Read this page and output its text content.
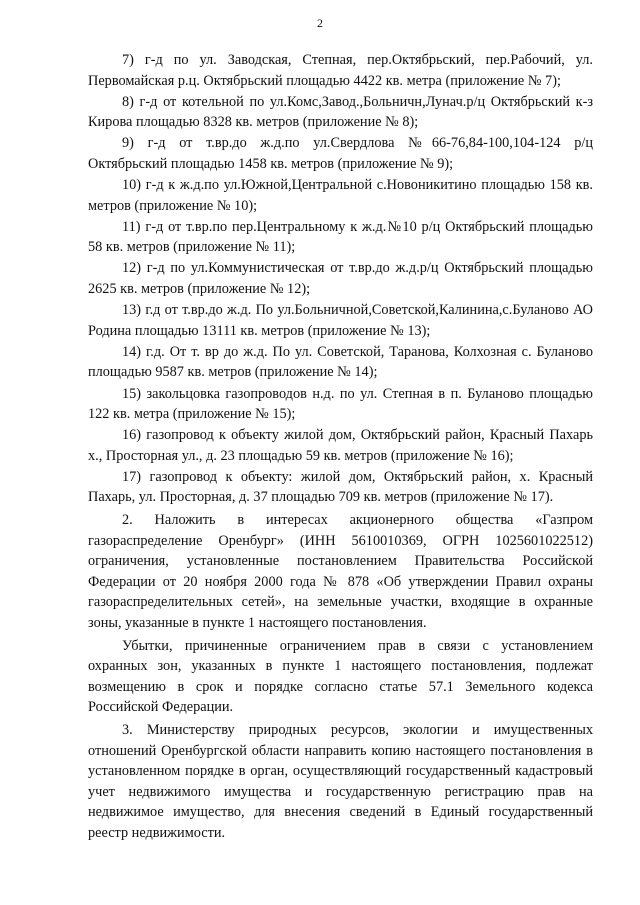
2

7) г-д по ул. Заводская, Степная, пер.Октябрьский, пер.Рабочий, ул. Первомайская р.ц. Октябрьский площадью 4422 кв. метра (приложение № 7);

8) г-д от котельной по ул.Комс,Завод.,Больничн,Лунач.р/ц Октябрьский к-з Кирова площадью 8328 кв. метров (приложение № 8);

9) г-д от т.вр.до ж.д.по ул.Свердлова №66-76,84-100,104-124 р/ц Октябрьский площадью 1458 кв. метров (приложение № 9);

10) г-д к ж.д.по ул.Южной,Центральной с.Новоникитино площадью 158 кв. метров (приложение № 10);

11) г-д от т.вр.по пер.Центральному к ж.д.№10 р/ц Октябрьский площадью 58 кв. метров (приложение № 11);

12) г-д по ул.Коммунистическая от т.вр.до ж.д.р/ц Октябрьский площадью 2625 кв. метров (приложение № 12);

13) г.д от т.вр.до ж.д. По ул.Больничной,Советской,Калинина,с.Буланово АО Родина площадью 13111 кв. метров (приложение № 13);

14) г.д. От т. вр до ж.д. По ул. Советской, Таранова, Колхозная с. Буланово площадью 9587 кв. метров (приложение № 14);

15) закольцовка газопроводов н.д. по ул. Степная в п. Буланово площадью 122 кв. метра (приложение № 15);

16) газопровод к объекту жилой дом, Октябрьский район, Красный Пахарь х., Просторная ул., д. 23 площадью 59 кв. метров (приложение № 16);

17) газопровод к объекту: жилой дом, Октябрьский район, х. Красный Пахарь, ул. Просторная, д. 37 площадью 709 кв. метров (приложение № 17).

2. Наложить в интересах акционерного общества «Газпром газораспределение Оренбург» (ИНН 5610010369, ОГРН 1025601022512) ограничения, установленные постановлением Правительства Российской Федерации от 20 ноября 2000 года № 878 «Об утверждении Правил охраны газораспределительных сетей», на земельные участки, входящие в охранные зоны, указанные в пункте 1 настоящего постановления.

Убытки, причиненные ограничением прав в связи с установлением охранных зон, указанных в пункте 1 настоящего постановления, подлежат возмещению в срок и порядке согласно статье 57.1 Земельного кодекса Российской Федерации.

3. Министерству природных ресурсов, экологии и имущественных отношений Оренбургской области направить копию настоящего постановления в установленном порядке в орган, осуществляющий государственный кадастровый учет недвижимого имущества и государственную регистрацию прав на недвижимое имущество, для внесения сведений в Единый государственный реестр недвижимости.
